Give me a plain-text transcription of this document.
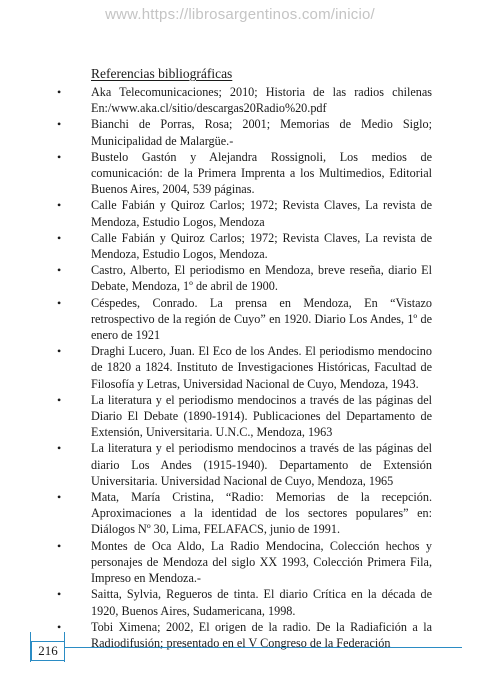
www.https://librosargentinos.com/inicio/
Referencias bibliográficas
• Aka Telecomunicaciones; 2010; Historia de las radios chilenas En:/www.aka.cl/sitio/descargas20Radio%20.pdf
• Bianchi de Porras, Rosa; 2001; Memorias de Medio Siglo; Municipalidad de Malargüe.-
• Bustelo Gastón y Alejandra Rossignoli, Los medios de comunicación: de la Primera Imprenta a los Multimedios, Editorial Buenos Aires, 2004, 539 páginas.
• Calle Fabián y Quiroz Carlos; 1972; Revista Claves, La revista de Mendoza, Estudio Logos, Mendoza
• Calle Fabián y Quiroz Carlos; 1972; Revista Claves, La revista de Mendoza, Estudio Logos, Mendoza.
• Castro, Alberto, El periodismo en Mendoza, breve reseña, diario El Debate, Mendoza, 1º de abril de 1900.
• Céspedes, Conrado. La prensa en Mendoza, En “Vistazo retrospectivo de la región de Cuyo” en 1920. Diario Los Andes, 1º de enero de 1921
• Draghi Lucero, Juan. El Eco de los Andes. El periodismo mendocino de 1820 a 1824. Instituto de Investigaciones Históricas, Facultad de Filosofía y Letras, Universidad Nacional de Cuyo, Mendoza, 1943.
• La literatura y el periodismo mendocinos a través de las páginas del Diario El Debate (1890-1914). Publicaciones del Departamento de Extensión, Universitaria. U.N.C., Mendoza, 1963
• La literatura y el periodismo mendocinos a través de las páginas del diario Los Andes (1915-1940). Departamento de Extensión Universitaria. Universidad Nacional de Cuyo, Mendoza, 1965
• Mata, María Cristina, “Radio: Memorias de la recepción. Aproximaciones a la identidad de los sectores populares” en: Diálogos Nº 30, Lima, FELAFACS, junio de 1991.
• Montes de Oca Aldo, La Radio Mendocina, Colección hechos y personajes de Mendoza del siglo XX 1993, Colección Primera Fila, Impreso en Mendoza.-
• Saitta, Sylvia, Regueros de tinta. El diario Crítica en la década de 1920, Buenos Aires, Sudamericana, 1998.
• Tobi Ximena; 2002, El origen de la radio. De la Radiafición a la Radiodifusión; presentado en el V Congreso de la Federación
216
